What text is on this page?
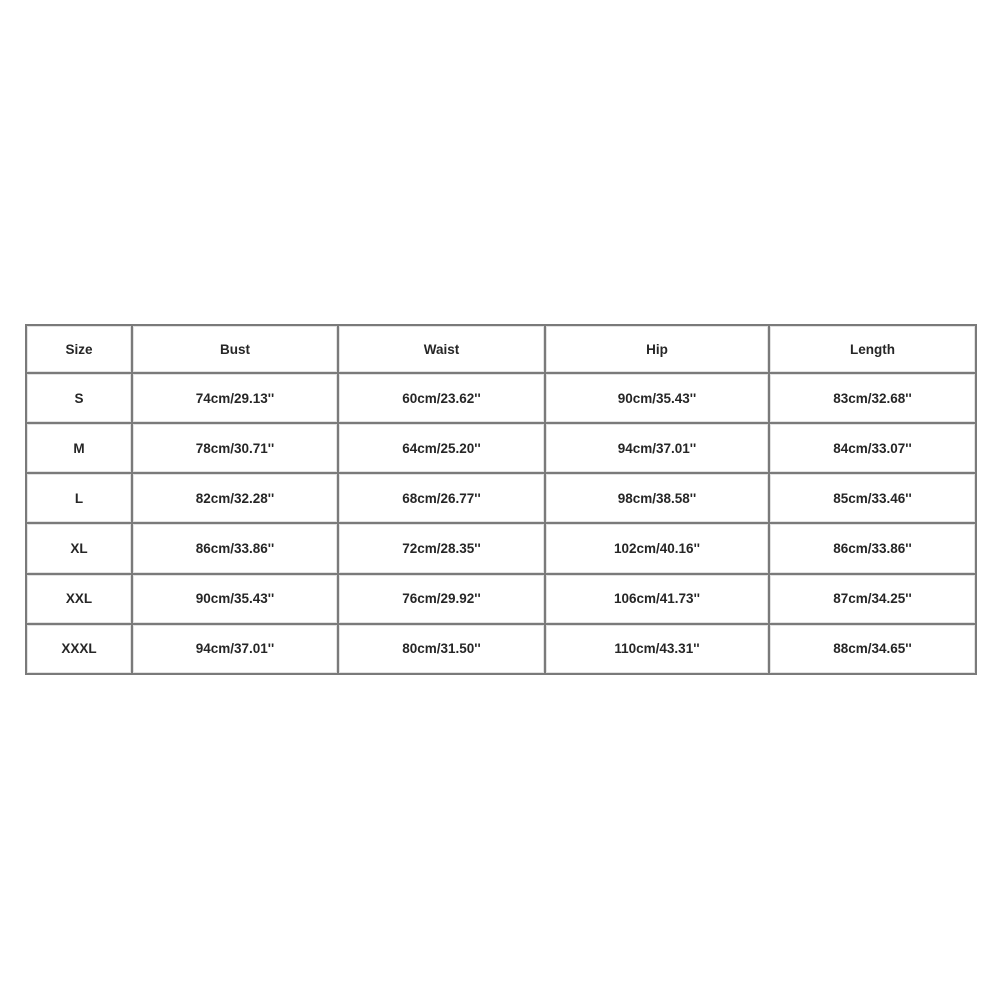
Size	Bust	Waist	Hip	Length
S	74cm/29.13''	60cm/23.62''	90cm/35.43''	83cm/32.68''
M	78cm/30.71''	64cm/25.20''	94cm/37.01''	84cm/33.07''
L	82cm/32.28''	68cm/26.77''	98cm/38.58''	85cm/33.46''
XL	86cm/33.86''	72cm/28.35''	102cm/40.16''	86cm/33.86''
XXL	90cm/35.43''	76cm/29.92''	106cm/41.73''	87cm/34.25''
XXXL	94cm/37.01''	80cm/31.50''	110cm/43.31''	88cm/34.65''
